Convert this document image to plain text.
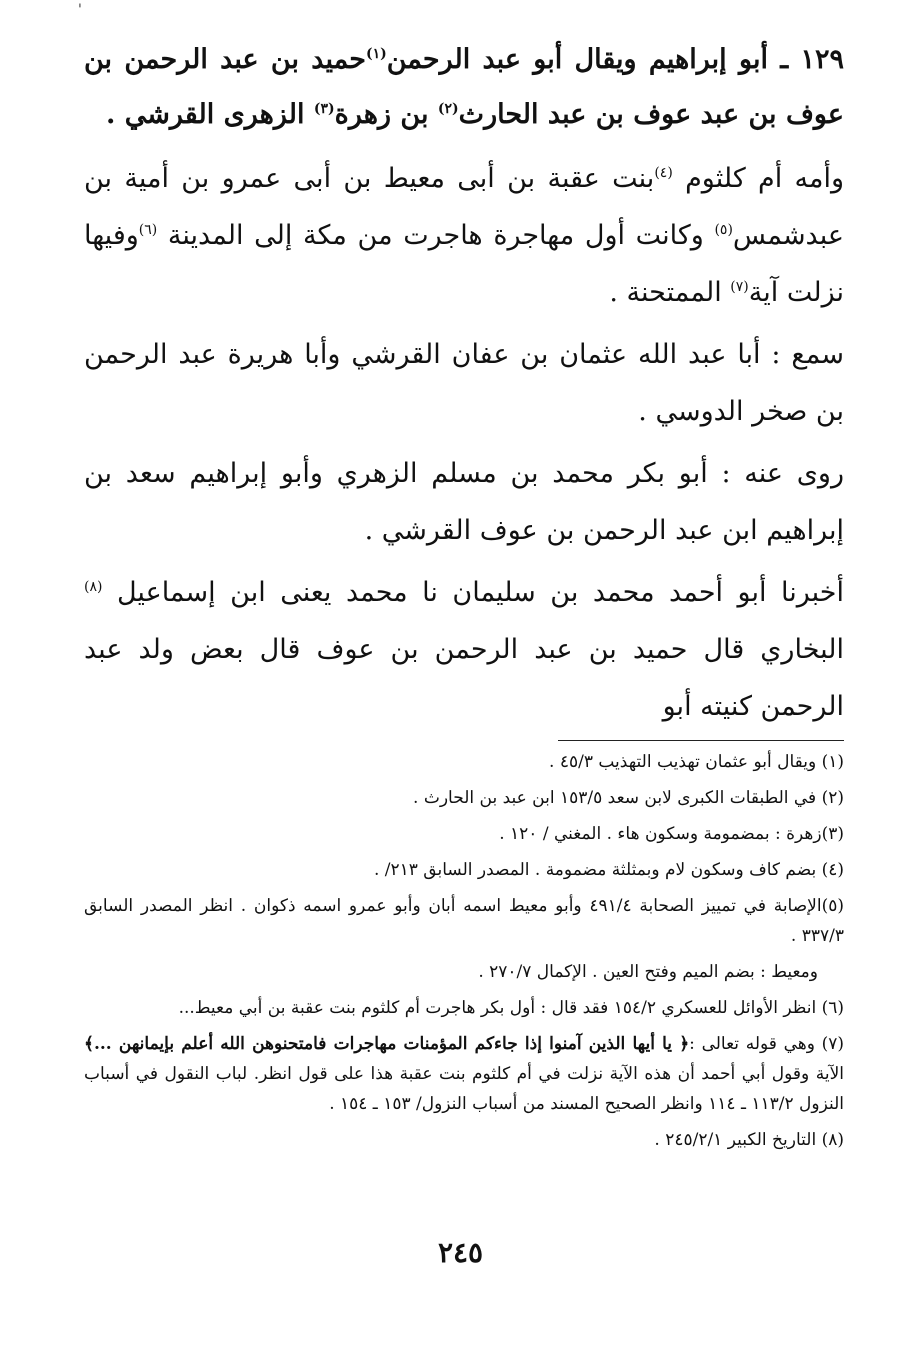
'
١٢٩ ـ أبو إبراهيم ويقال أبو عبد الرحمن$^{(١)}$حميد بن عبد الرحمن بن عوف بن عبد عوف بن عبد الحارث$^{(٢)}$ بن زهرة$^{(٣)}$ الزهرى القرشي .
وأمه أم كلثوم $^{(٤)}$بنت عقبة بن أبى معيط بن أبى عمرو بن أمية بن عبدشمس$^{(٥)}$ وكانت أول مهاجرة هاجرت من مكة إلى المدينة $^{(٦)}$وفيها نزلت آية$^{(٧)}$ الممتحنة .
سمع : أبا عبد الله عثمان بن عفان القرشي وأبا هريرة عبد الرحمن بن صخر الدوسي .
روى عنه : أبو بكر محمد بن مسلم الزهري وأبو إبراهيم سعد بن إبراهيم ابن عبد الرحمن بن عوف القرشي .
أخبرنا أبو أحمد محمد بن سليمان نا محمد يعنى ابن إسماعيل $^{(٨)}$ البخاري قال حميد بن عبد الرحمن بن عوف قال بعض ولد عبد الرحمن كنيته أبو

(١) ويقال أبو عثمان تهذيب التهذيب ٤٥/٣ .

(٢) في الطبقات الكبرى لابن سعد ١٥٣/٥ ابن عبد بن الحارث .

(٣)زهرة : بمضمومة وسكون هاء . المغني / ١٢٠ .

(٤) بضم كاف وسكون لام وبمثلثة مضمومة . المصدر السابق ٢١٣/ .

(٥)الإصابة في تمييز الصحابة ٤٩١/٤ وأبو معيط اسمه أبان وأبو عمرو اسمه ذكوان . انظر المصدر السابق ٣٣٧/٣ .

ومعيط : بضم الميم وفتح العين . الإكمال ٢٧٠/٧ .

(٦) انظر الأوائل للعسكري ١٥٤/٢ فقد قال : أول بكر هاجرت أم كلثوم بنت عقبة بن أبي معيط...

(٧) وهي قوله تعالى :﴿ يا أيها الذين آمنوا إذا جاءكم المؤمنات مهاجرات فامتحنوهن الله أعلم بإيمانهن ...﴾ الآية وقول أبي أحمد أن هذه الآية نزلت في أم كلثوم بنت عقبة هذا على قول انظر. لباب النقول في أسباب النزول ١١٣/٢ ـ ١١٤ وانظر الصحيح المسند من أسباب النزول/ ١٥٣ ـ ١٥٤ .

(٨) التاريخ الكبير ٢٤٥/٢/١ .

٢٤٥
